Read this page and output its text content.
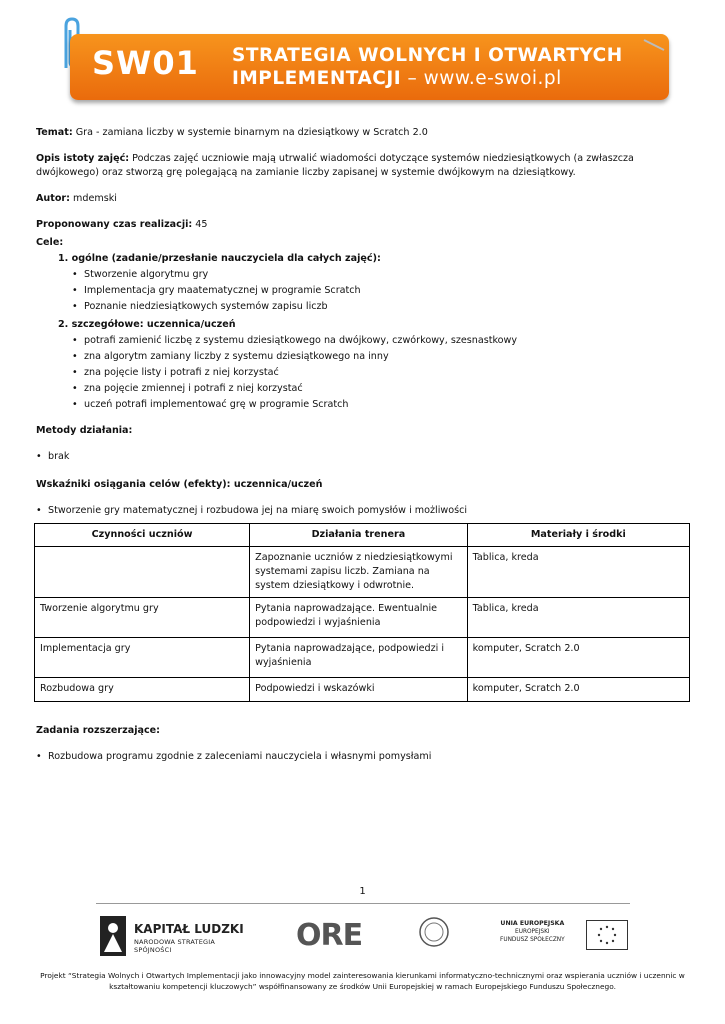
SW01 STRATEGIA WOLNYCH I OTWARTYCH
IMPLEMENTACJI – www.e-swoi.pl

Temat: Gra - zamiana liczby w systemie binarnym na dziesiątkowy w Scratch 2.0

Opis istoty zajęć: Podczas zajęć uczniowie mają utrwalić wiadomości dotyczące systemów niedziesiątkowych (a zwłaszcza dwójkowego) oraz stworzą grę polegającą na zamianie liczby zapisanej w systemie dwójkowym na dziesiątkowy.

Autor: mdemski

Proponowany czas realizacji: 45

Cele:

1. ogólne (zadanie/przesłanie nauczyciela dla całych zajęć):
• Stworzenie algorytmu gry
• Implementacja gry maatematycznej w programie Scratch
• Poznanie niedziesiątkowych systemów zapisu liczb
2. szczegółowe: uczennica/uczeń
• potrafi zamienić liczbę z systemu dziesiątkowego na dwójkowy, czwórkowy, szesnastkowy
• zna algorytm zamiany liczby z systemu dziesiątkowego na inny
• zna pojęcie listy i potrafi z niej korzystać
• zna pojęcie zmiennej i potrafi z niej korzystać
• uczeń potrafi implementować grę w programie Scratch

Metody działania:

• brak

Wskaźniki osiągania celów (efekty): uczennica/uczeń

• Stworzenie gry matematycznej i rozbudowa jej na miarę swoich pomysłów i możliwości
Czynności uczniów	Działania trenera	Materiały i środki
	Zapoznanie uczniów z niedziesiątkowymi systemami zapisu liczb. Zamiana na system dziesiątkowy i odwrotnie.	Tablica, kreda
Tworzenie algorytmu gry	Pytania naprowadzające. Ewentualnie podpowiedzi i wyjaśnienia	Tablica, kreda
Implementacja gry	Pytania naprowadzające, podpowiedzi i wyjaśnienia	komputer, Scratch 2.0
Rozbudowa gry	Podpowiedzi i wskazówki	komputer, Scratch 2.0

Zadania rozszerzające:

• Rozbudowa programu zgodnie z zaleceniami nauczyciela i własnymi pomysłami
1
KAPITAŁ LUDZKI
NARODOWA STRATEGIA SPÓJNOŚCI	ORE	UNIA EUROPEJSKA
EUROPEJSKI
FUNDUSZ SPOŁECZNY
Projekt “Strategia Wolnych i Otwartych Implementacji jako innowacyjny model zainteresowania kierunkami informatyczno-technicznymi oraz wspierania uczniów i uczennic w kształtowaniu kompetencji kluczowych” współfinansowany ze środków Unii Europejskiej w ramach Europejskiego Funduszu Społecznego.
